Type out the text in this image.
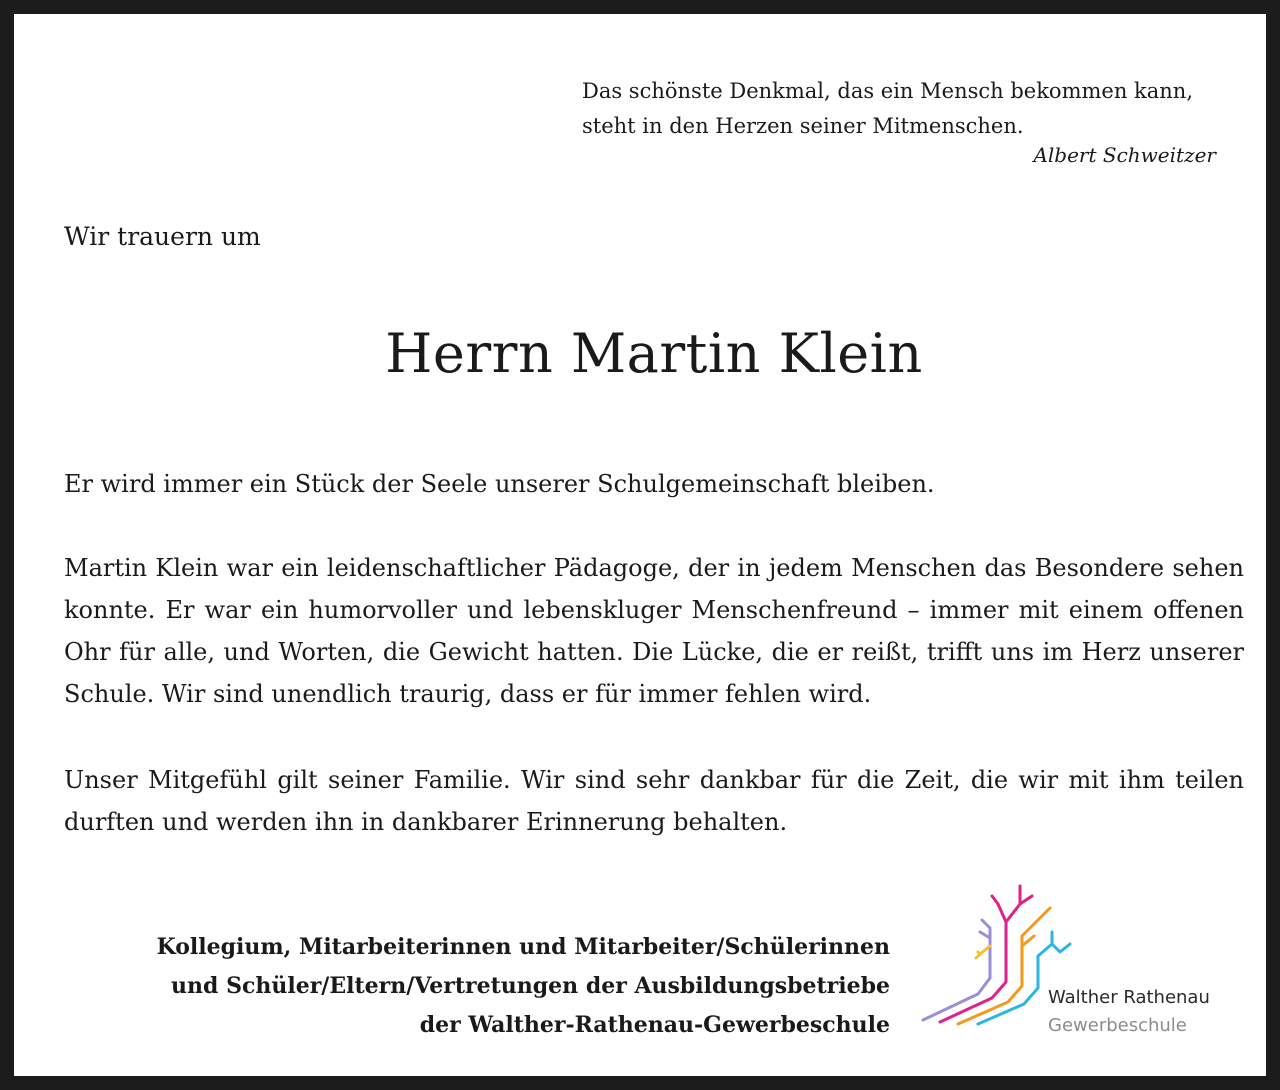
Das schönste Denkmal, das ein Mensch bekommen kann,
steht in den Herzen seiner Mitmenschen.
Albert Schweitzer
Wir trauern um
Herrn Martin Klein
Er wird immer ein Stück der Seele unserer Schulgemeinschaft bleiben.
Martin Klein war ein leidenschaftlicher Pädagoge, der in jedem Menschen das Besondere sehen konnte. Er war ein humorvoller und lebenskluger Menschenfreund – immer mit einem offenen Ohr für alle, und Worten, die Gewicht hatten. Die Lücke, die er reißt, trifft uns im Herz unserer Schule. Wir sind unendlich traurig, dass er für immer fehlen wird.
Unser Mitgefühl gilt seiner Familie. Wir sind sehr dankbar für die Zeit, die wir mit ihm teilen durften und werden ihn in dankbarer Erinnerung behalten.
Kollegium, Mitarbeiterinnen und Mitarbeiter/Schülerinnen
und Schüler/Eltern/Vertretungen der Ausbildungsbetriebe
der Walther-Rathenau-Gewerbeschule
Walther Rathenau
Gewerbeschule
